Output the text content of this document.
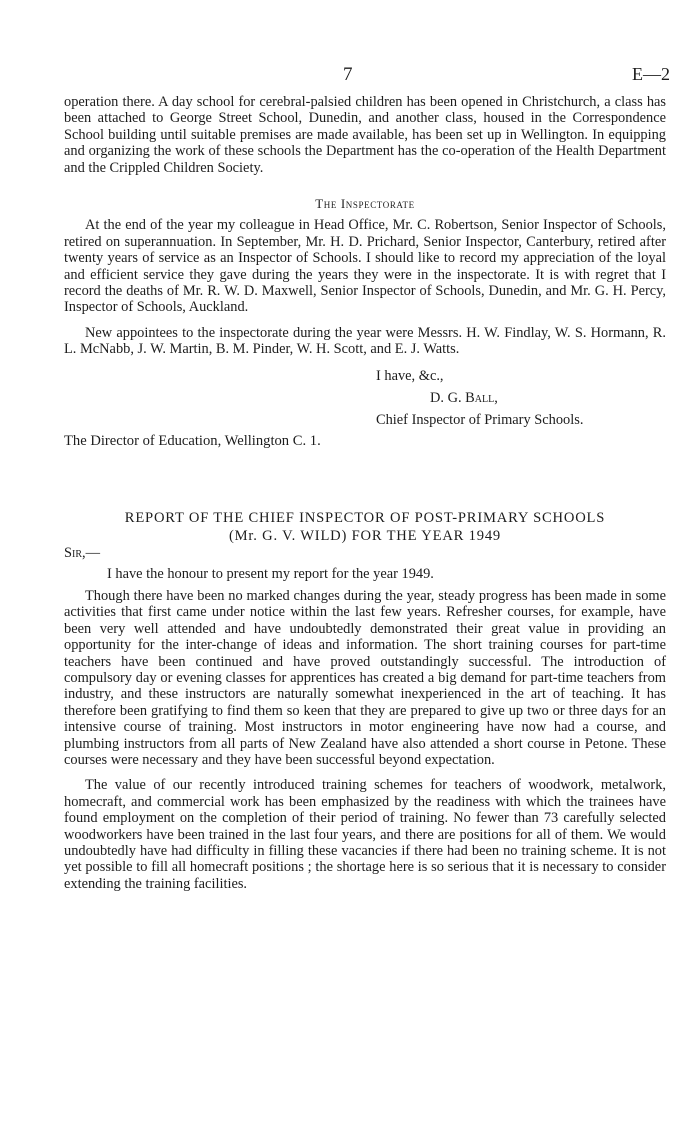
7	E—2

operation there. A day school for cerebral-palsied children has been opened in Christchurch, a class has been attached to George Street School, Dunedin, and another class, housed in the Correspondence School building until suitable premises are made available, has been set up in Wellington. In equipping and organizing the work of these schools the Department has the co-operation of the Health Department and the Crippled Children Society.

The Inspectorate

At the end of the year my colleague in Head Office, Mr. C. Robertson, Senior Inspector of Schools, retired on superannuation. In September, Mr. H. D. Prichard, Senior Inspector, Canterbury, retired after twenty years of service as an Inspector of Schools. I should like to record my appreciation of the loyal and efficient service they gave during the years they were in the inspectorate. It is with regret that I record the deaths of Mr. R. W. D. Maxwell, Senior Inspector of Schools, Dunedin, and Mr. G. H. Percy, Inspector of Schools, Auckland.

New appointees to the inspectorate during the year were Messrs. H. W. Findlay, W. S. Hormann, R. L. McNabb, J. W. Martin, B. M. Pinder, W. H. Scott, and E. J. Watts.

I have, &c.,
D. G. Ball,
Chief Inspector of Primary Schools.
The Director of Education, Wellington C. 1.
REPORT OF THE CHIEF INSPECTOR OF POST-PRIMARY SCHOOLS
(Mr. G. V. WILD) FOR THE YEAR 1949

Sir,—

I have the honour to present my report for the year 1949.

Though there have been no marked changes during the year, steady progress has been made in some activities that first came under notice within the last few years. Refresher courses, for example, have been very well attended and have undoubtedly demonstrated their great value in providing an opportunity for the inter-change of ideas and information. The short training courses for part-time teachers have been continued and have proved outstandingly successful. The introduction of compulsory day or evening classes for apprentices has created a big demand for part-time teachers from industry, and these instructors are naturally somewhat inexperienced in the art of teaching. It has therefore been gratifying to find them so keen that they are prepared to give up two or three days for an intensive course of training. Most instructors in motor engineering have now had a course, and plumbing instructors from all parts of New Zealand have also attended a short course in Petone. These courses were necessary and they have been successful beyond expectation.

The value of our recently introduced training schemes for teachers of woodwork, metalwork, homecraft, and commercial work has been emphasized by the readiness with which the trainees have found employment on the completion of their period of training. No fewer than 73 carefully selected woodworkers have been trained in the last four years, and there are positions for all of them. We would undoubtedly have had difficulty in filling these vacancies if there had been no training scheme. It is not yet possible to fill all homecraft positions ; the shortage here is so serious that it is necessary to consider extending the training facilities.
